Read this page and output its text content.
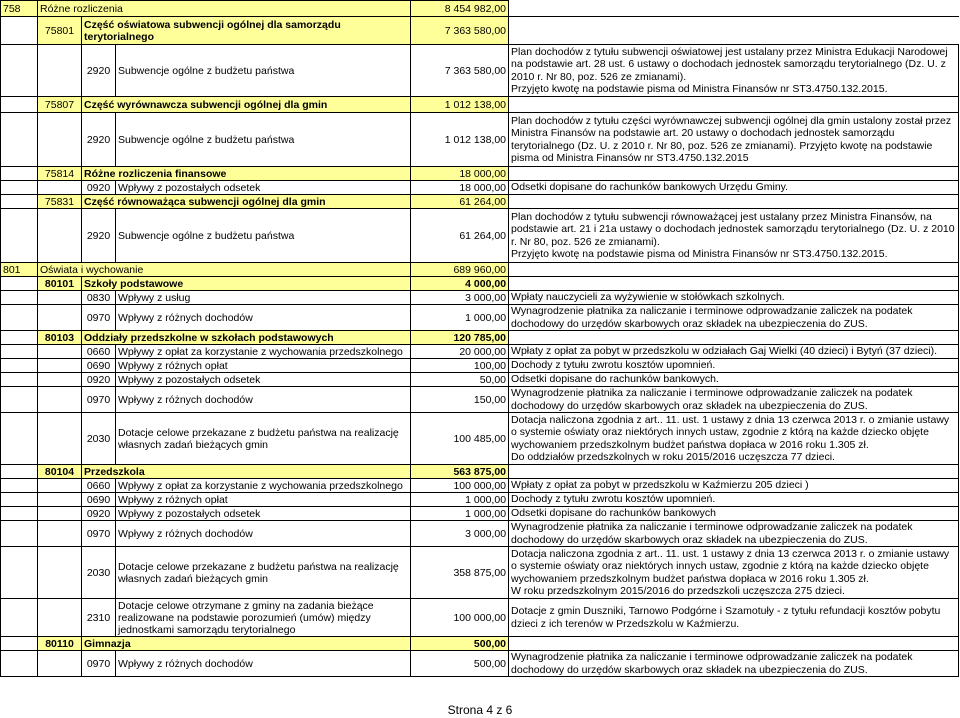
758	Różne rozliczenia			8 454 982,00	
	75801	Część oświatowa subwencji ogólnej dla samorządu terytorialnego		7 363 580,00	
		2920	Subwencje ogólne z budżetu państwa	7 363 580,00	Plan dochodów z tytułu subwencji oświatowej jest ustalany przez Ministra Edukacji Narodowej
na podstawie art. 28 ust. 6 ustawy o dochodach jednostek samorządu terytorialnego (Dz. U. z
2010 r. Nr 80, poz. 526 ze zmianami).
Przyjęto kwotę na podstawie pisma od Ministra Finansów nr ST3.4750.132.2015.

	75807	Część wyrównawcza subwencji ogólnej dla gmin		1 012 138,00	
		2920	Subwencje ogólne z budżetu państwa	1 012 138,00	Plan dochodów z tytułu części wyrównawczej subwencji ogólnej dla gmin ustalony został przez
Ministra Finansów na podstawie art. 20 ustawy o dochodach jednostek samorządu
terytorialnego (Dz. U. z 2010 r. Nr 80, poz. 526 ze zmianami). Przyjęto kwotę na podstawie
pisma od Ministra Finansów nr ST3.4750.132.2015

	75814	Różne rozliczenia finansowe		18 000,00	
		0920	Wpływy z pozostałych odsetek	18 000,00	Odsetki dopisane do rachunków bankowych Urzędu Gminy.
	75831	Część równoważąca subwencji ogólnej dla gmin		61 264,00	
		2920	Subwencje ogólne z budżetu państwa	61 264,00	Plan dochodów z tytułu subwencji równoważącej jest ustalany przez Ministra Finansów, na
podstawie art. 21 i 21a ustawy o dochodach jednostek samorządu terytorialnego (Dz. U. z 2010
r. Nr 80, poz. 526 ze zmianami).
Przyjęto kwotę na podstawie pisma od Ministra Finansów nr ST3.4750.132.2015.

801	Oświata i wychowanie			689 960,00	
	80101	Szkoły podstawowe		4 000,00	
		0830	Wpływy z usług	3 000,00	Wpłaty nauczycieli za wyżywienie w stołówkach szkolnych.
		0970	Wpływy z różnych dochodów	1 000,00	Wynagrodzenie płatnika za naliczanie i terminowe odprowadzanie zaliczek na podatek
dochodowy do urzędów skarbowych oraz składek na ubezpieczenia do ZUS.

	80103	Oddziały przedszkolne w szkołach podstawowych		120 785,00	
		0660	Wpływy z opłat za korzystanie z wychowania przedszkolnego	20 000,00	Wpłaty z opłat za pobyt w przedszkolu w odziałach Gaj Wielki (40 dzieci) i Bytyń (37 dzieci).
		0690	Wpływy z różnych opłat	100,00	Dochody z tytułu zwrotu kosztów upomnień.
		0920	Wpływy z pozostałych odsetek	50,00	Odsetki dopisane do rachunków bankowych.
		0970	Wpływy z różnych dochodów	150,00	Wynagrodzenie płatnika za naliczanie i terminowe odprowadzanie zaliczek na podatek
dochodowy do urzędów skarbowych oraz składek na ubezpieczenia do ZUS.

		2030	Dotacje celowe przekazane z budżetu państwa na realizację własnych zadań bieżących gmin	100 485,00	Dotacja naliczona zgodnia z art.. 11. ust. 1 ustawy z dnia 13 czerwca 2013 r. o zmianie ustawy
o systemie oświaty oraz niektórych innych ustaw, zgodnie z którą na każde dziecko objęte
wychowaniem przedszkolnym budżet państwa dopłaca w 2016 roku 1.305 zł.
Do oddziałów przedszkolnych w roku 2015/2016 uczęszcza 77 dzieci.

	80104	Przedszkola		563 875,00	
		0660	Wpływy z opłat za korzystanie z wychowania przedszkolnego	100 000,00	Wpłaty z opłat za pobyt w przedszkolu w Kaźmierzu 205 dzieci )
		0690	Wpływy z różnych opłat	1 000,00	Dochody z tytułu zwrotu kosztów upomnień.
		0920	Wpływy z pozostałych odsetek	1 000,00	Odsetki dopisane do rachunków bankowych
		0970	Wpływy z różnych dochodów	3 000,00	Wynagrodzenie płatnika za naliczanie i terminowe odprowadzanie zaliczek na podatek
dochodowy do urzędów skarbowych oraz składek na ubezpieczenia do ZUS.

		2030	Dotacje celowe przekazane z budżetu państwa na realizację własnych zadań bieżących gmin	358 875,00	Dotacja naliczona zgodnia z art.. 11. ust. 1 ustawy z dnia 13 czerwca 2013 r. o zmianie ustawy
o systemie oświaty oraz niektórych innych ustaw, zgodnie z którą na każde dziecko objęte
wychowaniem przedszkolnym budżet państwa dopłaca w 2016 roku 1.305 zł.
W roku przedszkolnym 2015/2016 do przedszkoli uczęszcza 275 dzieci.

		2310	Dotacje celowe otrzymane z gminy na zadania bieżące realizowane na podstawie porozumień (umów) między jednostkami samorządu terytorialnego	100 000,00	Dotacje z gmin Duszniki, Tarnowo Podgórne i Szamotuły - z tytułu refundacji kosztów pobytu
dzieci z ich terenów w Przedszkolu w Kaźmierzu.

	80110	Gimnazja		500,00	
		0970	Wpływy z różnych dochodów	500,00	Wynagrodzenie płatnika za naliczanie i terminowe odprowadzanie zaliczek na podatek
dochodowy do urzędów skarbowych oraz składek na ubezpieczenia do ZUS.
Strona 4 z 6
